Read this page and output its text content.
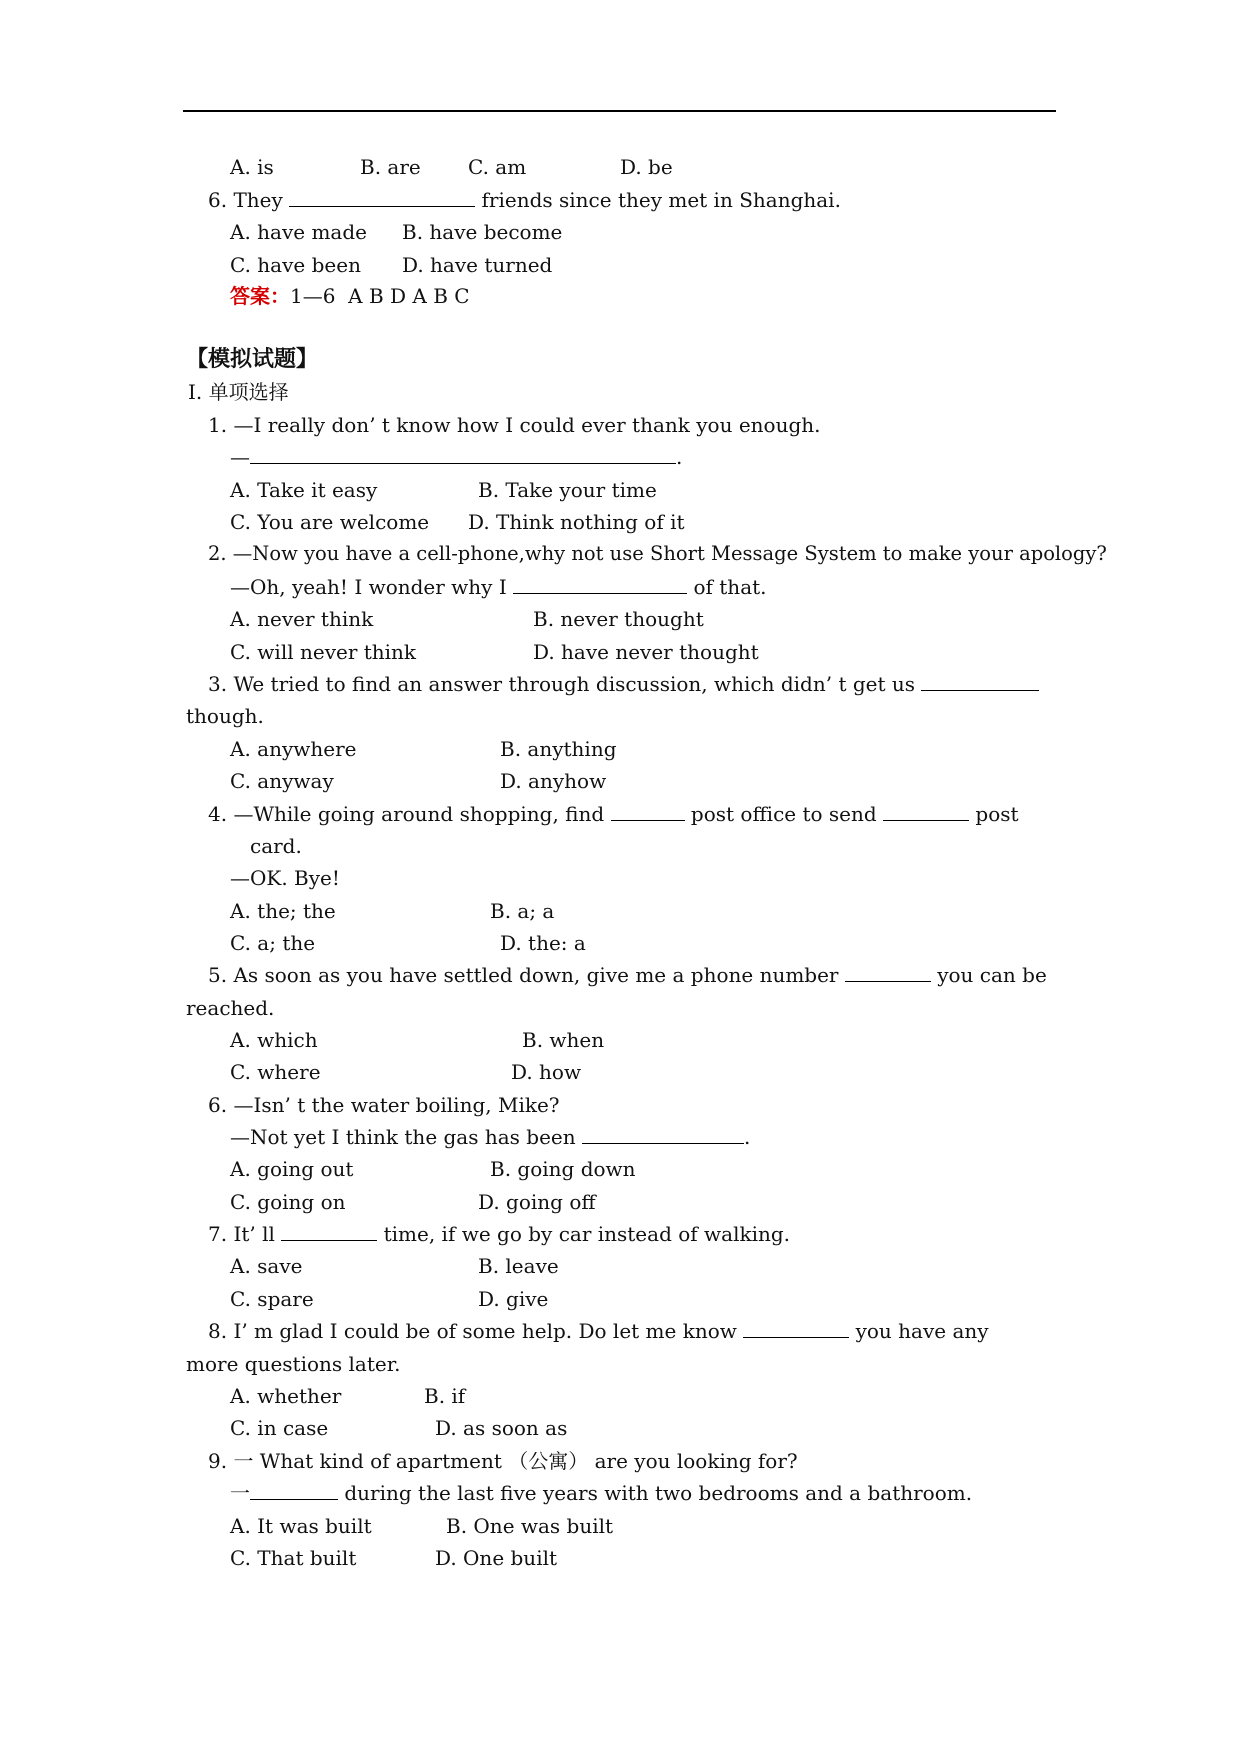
A. is	B. are C. am	D. be
6. They	friends since they met in Shanghai.
A. have made B. have become
C. have been D. have turned
答案：1—6  A B D A B C
【模拟试题】
I. 单项选择
1. —I really don’ t know how I could ever thank you enough.
—	.
A. Take it easy	B. Take your time
C. You are welcome D. Think nothing of it
2. —Now you have a cell-phone,why not use Short Message System to make your apology?
—Oh, yeah! I wonder why I	of that.
A. never think	B. never thought
C. will never think	D. have never thought
3. We tried to find an answer through discussion, which didn’ t get us
though.
A. anywhere	B. anything
C. anyway	D. anyhow
4. —While going around shopping, find	post office to send	post
card.
—OK. Bye!
A. the; the	B. a; a
C. a; the	D. the: a
5. As soon as you have settled down, give me a phone number	you can be
reached.
A. which	B. when
C. where	D. how
6. —Isn’ t the water boiling, Mike?
—Not yet I think the gas has been	.
A. going out	B. going down
C. going on	D. going off
7. It’ ll	time, if we go by car instead of walking.
A. save	B. leave
C. spare	D. give
8. I’ m glad I could be of some help. Do let me know	you have any
more questions later.
A. whether	B. if
C. in case	D. as soon as
9. 一 What kind of apartment （公寓） are you looking for?
一	during the last five years with two bedrooms and a bathroom.
A. It was built	B. One was built
C. That built	D. One built
